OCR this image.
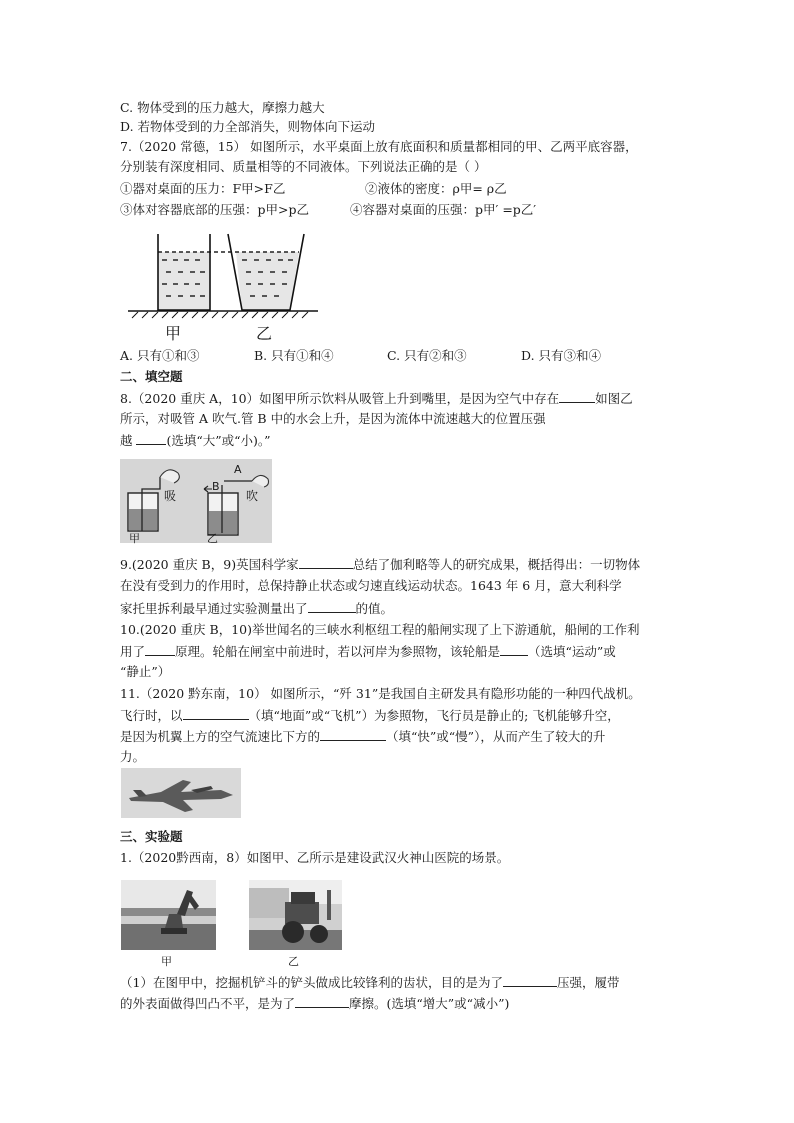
C. 物体受到的压力越大，摩擦力越大
D. 若物体受到的力全部消失，则物体向下运动
7.（2020 常德，15） 如图所示，水平桌面上放有底面积和质量都相同的甲、乙两平底容器，
分别装有深度相同、质量相等的不同液体。下列说法正确的是（ ）
①器对桌面的压力：F甲>F乙	②液体的密度：ρ甲= ρ乙
③体对容器底部的压强：p甲>p乙	④容器对桌面的压强：p甲′ =p乙′
甲	乙
A. 只有①和③	B. 只有①和④	C. 只有②和③	D. 只有③和④
二、填空题
8.（2020 重庆 A，10）如图甲所示饮料从吸管上升到嘴里，是因为空气中存在	如图乙
所示，对吸管 A 吹气.管 B 中的水会上升，是因为流体中流速越大的位置压强
越 (选填“大”或“小)。”
吸	吹
A
B
甲	乙
9.(2020 重庆 B，9)英国科学家	总结了伽利略等人的研究成果，概括得出：一切物体
在没有受到力的作用时，总保持静止状态或匀速直线运动状态。1643 年 6 月，意大利科学
家托里拆利最早通过实验测量出了	的值。
10.(2020 重庆 B，10)举世闻名的三峡水利枢纽工程的船闸实现了上下游通航，船闸的工作利
用了 原理。轮船在闸室中前进时，若以河岸为参照物，该轮船是 （选填“运动”或
“静止”）
11.（2020 黔东南，10） 如图所示，“歼 31”是我国自主研发具有隐形功能的一种四代战机。
飞行时，以	（填“地面”或“飞机”）为参照物，飞行员是静止的; 飞机能够升空，
是因为机翼上方的空气流速比下方的	（填“快”或“慢”），从而产生了较大的升
力。
三、实验题
1.（2020黔西南，8）如图甲、乙所示是建设武汉火神山医院的场景。
甲	乙
（1）在图甲中，挖掘机铲斗的铲头做成比较锋利的齿状，目的是为了	压强，履带
的外表面做得凹凸不平，是为了	摩擦。(选填“增大”或“减小”)
